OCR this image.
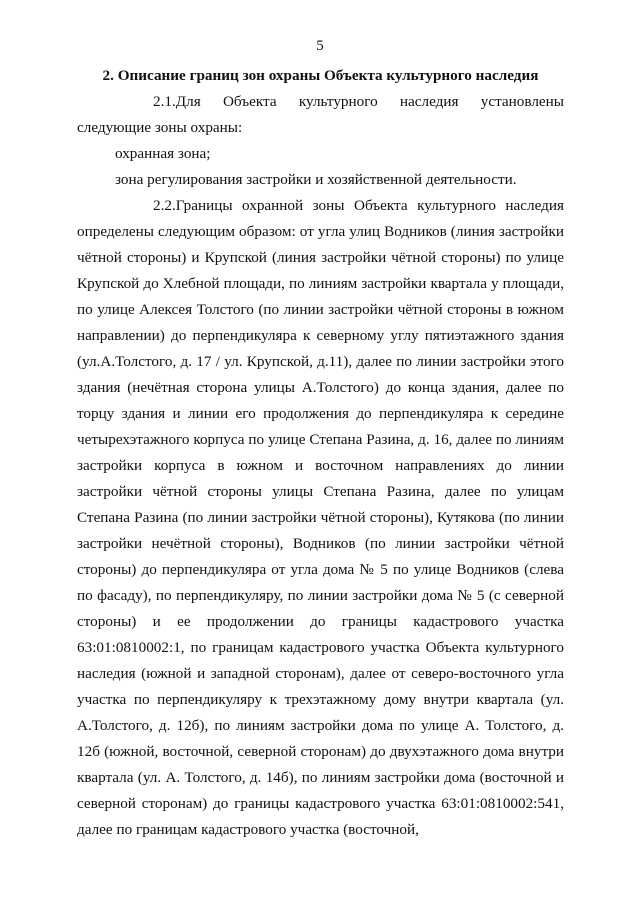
5

2. Описание границ зон охраны Объекта культурного наследия

2.1.Для Объекта культурного наследия установлены следующие зоны охраны:

охранная зона;

зона регулирования застройки и хозяйственной деятельности.

2.2.Границы охранной зоны Объекта культурного наследия определены следующим образом: от угла улиц Водников (линия застройки чётной стороны) и Крупской (линия застройки чётной стороны) по улице Крупской до Хлебной площади, по линиям застройки квартала у площади, по улице Алексея Толстого (по линии застройки чётной стороны в южном направлении) до перпендикуляра к северному углу пятиэтажного здания (ул.А.Толстого, д. 17 / ул. Крупской, д.11), далее по линии застройки этого здания (нечётная сторона улицы А.Толстого) до конца здания, далее по торцу здания и линии его продолжения до перпендикуляра к середине четырехэтажного корпуса по улице Степана Разина, д. 16, далее по линиям застройки корпуса в южном и восточном направлениях до линии застройки чётной стороны улицы Степана Разина, далее по улицам Степана Разина (по линии застройки чётной стороны), Кутякова (по линии застройки нечётной стороны), Водников (по линии застройки чётной стороны) до перпендикуляра от угла дома № 5 по улице Водников (слева по фасаду), по перпендикуляру, по линии застройки дома № 5 (с северной стороны) и ее продолжении до границы кадастрового участка 63:01:0810002:1, по границам кадастрового участка Объекта культурного наследия (южной и западной сторонам), далее от северо-восточного угла участка по перпендикуляру к трехэтажному дому внутри квартала (ул. А.Толстого, д. 12б), по линиям застройки дома по улице А. Толстого, д. 12б (южной, восточной, северной сторонам) до двухэтажного дома внутри квартала (ул. А. Толстого, д. 14б), по линиям застройки дома (восточной и северной сторонам) до границы кадастрового участка 63:01:0810002:541, далее по границам кадастрового участка (восточной,
